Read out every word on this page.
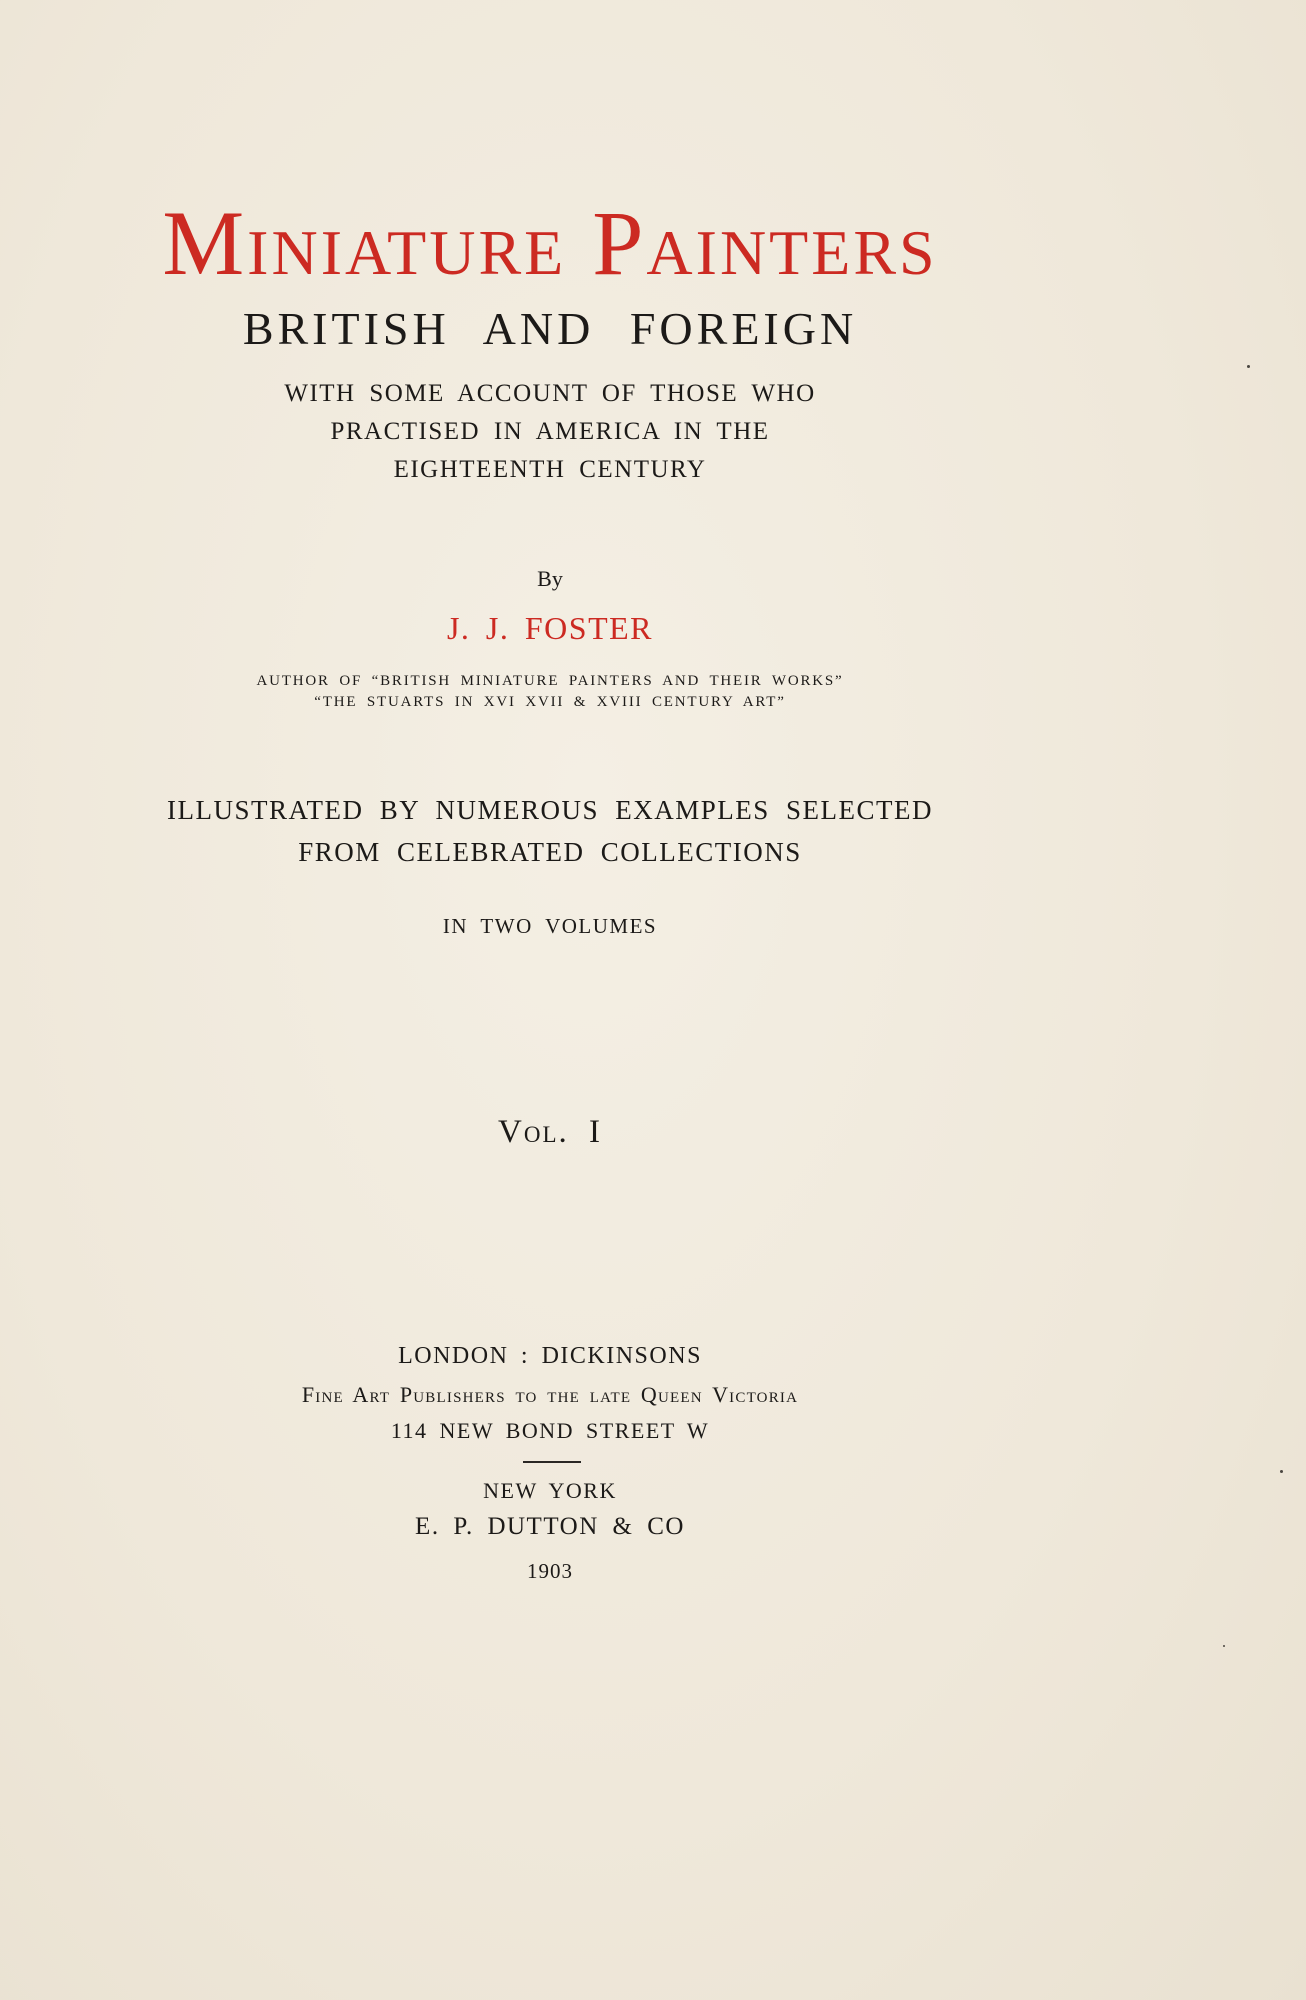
Miniature Painters
BRITISH AND FOREIGN
WITH SOME ACCOUNT OF THOSE WHO
PRACTISED IN AMERICA IN THE
EIGHTEENTH CENTURY
By
J. J. FOSTER
AUTHOR OF “BRITISH MINIATURE PAINTERS AND THEIR WORKS”
“THE STUARTS IN XVI XVII & XVIII CENTURY ART”
ILLUSTRATED BY NUMEROUS EXAMPLES SELECTED
FROM CELEBRATED COLLECTIONS
IN TWO VOLUMES
Vol. I
LONDON : DICKINSONS
Fine Art Publishers to the late Queen Victoria
114 NEW BOND STREET W
NEW YORK
E. P. DUTTON & CO
1903
